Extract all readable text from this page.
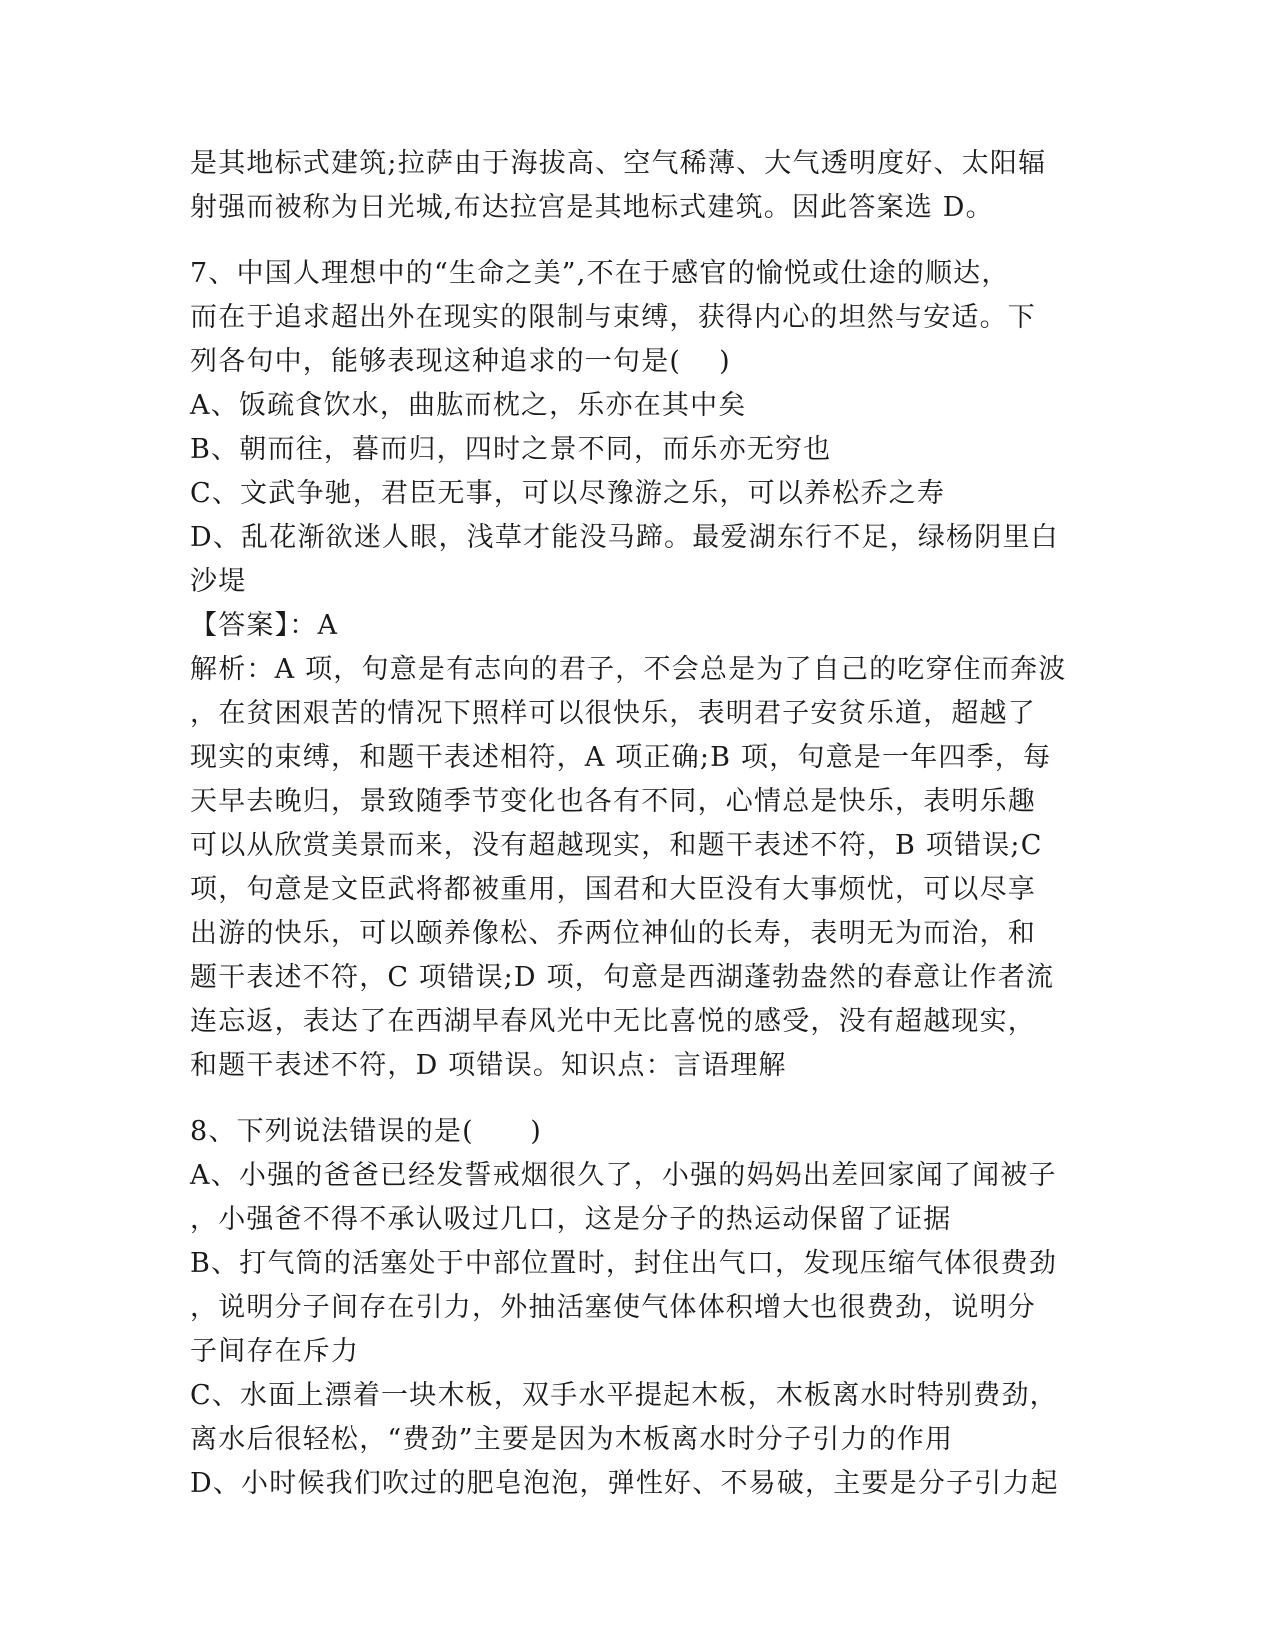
是其地标式建筑;拉萨由于海拔高、空气稀薄、大气透明度好、太阳辐
射强而被称为日光城,布达拉宫是其地标式建筑。因此答案选 D。
7、中国人理想中的“生命之美”,不在于感官的愉悦或仕途的顺达，
而在于追求超出外在现实的限制与束缚，获得内心的坦然与安适。下
列各句中，能够表现这种追求的一句是(　 )
A、饭疏食饮水，曲肱而枕之，乐亦在其中矣
B、朝而往，暮而归，四时之景不同，而乐亦无穷也
C、文武争驰，君臣无事，可以尽豫游之乐，可以养松乔之寿
D、乱花渐欲迷人眼，浅草才能没马蹄。最爱湖东行不足，绿杨阴里白
沙堤
【答案】：A
解析：A 项，句意是有志向的君子，不会总是为了自己的吃穿住而奔波
，在贫困艰苦的情况下照样可以很快乐，表明君子安贫乐道，超越了
现实的束缚，和题干表述相符，A 项正确;B 项，句意是一年四季，每
天早去晚归，景致随季节变化也各有不同，心情总是快乐，表明乐趣
可以从欣赏美景而来，没有超越现实，和题干表述不符，B 项错误;C
项，句意是文臣武将都被重用，国君和大臣没有大事烦忧，可以尽享
出游的快乐，可以颐养像松、乔两位神仙的长寿，表明无为而治，和
题干表述不符，C 项错误;D 项，句意是西湖蓬勃盎然的春意让作者流
连忘返，表达了在西湖早春风光中无比喜悦的感受，没有超越现实，
和题干表述不符，D 项错误。知识点：言语理解
8、下列说法错误的是(　　)
A、小强的爸爸已经发誓戒烟很久了，小强的妈妈出差回家闻了闻被子
，小强爸不得不承认吸过几口，这是分子的热运动保留了证据
B、打气筒的活塞处于中部位置时，封住出气口，发现压缩气体很费劲
，说明分子间存在引力，外抽活塞使气体体积增大也很费劲，说明分
子间存在斥力
C、水面上漂着一块木板，双手水平提起木板，木板离水时特别费劲，
离水后很轻松，“费劲”主要是因为木板离水时分子引力的作用
D、小时候我们吹过的肥皂泡泡，弹性好、不易破，主要是分子引力起
